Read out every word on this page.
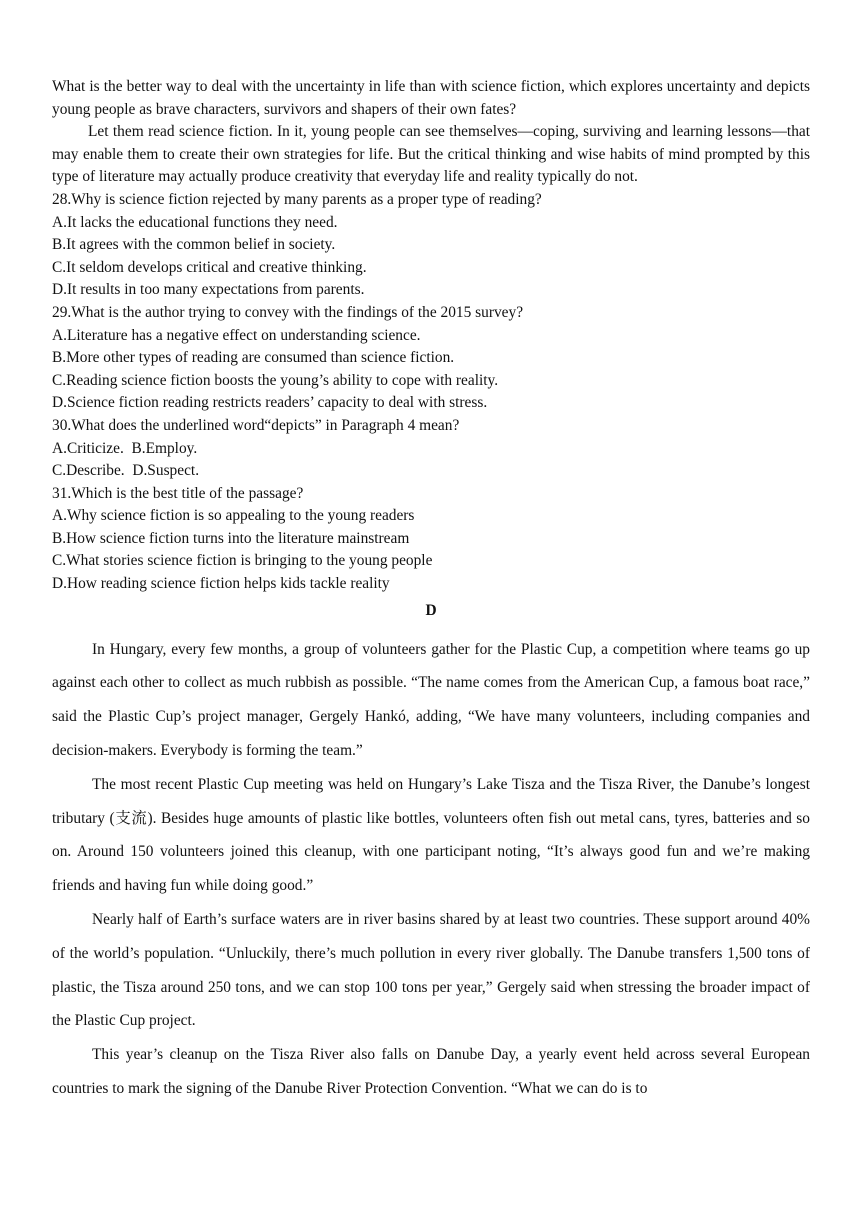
What is the better way to deal with the uncertainty in life than with science fiction, which explores uncertainty and depicts young people as brave characters, survivors and shapers of their own fates?

Let them read science fiction. In it, young people can see themselves—coping, surviving and learning lessons—that may enable them to create their own strategies for life. But the critical thinking and wise habits of mind prompted by this type of literature may actually produce creativity that everyday life and reality typically do not.

28.Why is science fiction rejected by many parents as a proper type of reading?
A.It lacks the educational functions they need.
B.It agrees with the common belief in society.
C.It seldom develops critical and creative thinking.
D.It results in too many expectations from parents.
29.What is the author trying to convey with the findings of the 2015 survey?
A.Literature has a negative effect on understanding science.
B.More other types of reading are consumed than science fiction.
C.Reading science fiction boosts the young’s ability to cope with reality.
D.Science fiction reading restricts readers’ capacity to deal with stress.
30.What does the underlined word“depicts” in Paragraph 4 mean?
A.Criticize.  B.Employ.
C.Describe.  D.Suspect.
31.Which is the best title of the passage?
A.Why science fiction is so appealing to the young readers
B.How science fiction turns into the literature mainstream
C.What stories science fiction is bringing to the young people
D.How reading science fiction helps kids tackle reality
D

In Hungary, every few months, a group of volunteers gather for the Plastic Cup, a competition where teams go up against each other to collect as much rubbish as possible. “The name comes from the American Cup, a famous boat race,” said the Plastic Cup’s project manager, Gergely Hankó, adding, “We have many volunteers, including companies and decision-makers. Everybody is forming the team.”

The most recent Plastic Cup meeting was held on Hungary’s Lake Tisza and the Tisza River, the Danube’s longest tributary (支流). Besides huge amounts of plastic like bottles, volunteers often fish out metal cans, tyres, batteries and so on. Around 150 volunteers joined this cleanup, with one participant noting, “It’s always good fun and we’re making friends and having fun while doing good.”

Nearly half of Earth’s surface waters are in river basins shared by at least two countries. These support around 40% of the world’s population. “Unluckily, there’s much pollution in every river globally. The Danube transfers 1,500 tons of plastic, the Tisza around 250 tons, and we can stop 100 tons per year,” Gergely said when stressing the broader impact of the Plastic Cup project.

This year’s cleanup on the Tisza River also falls on Danube Day, a yearly event held across several European countries to mark the signing of the Danube River Protection Convention. “What we can do is to
